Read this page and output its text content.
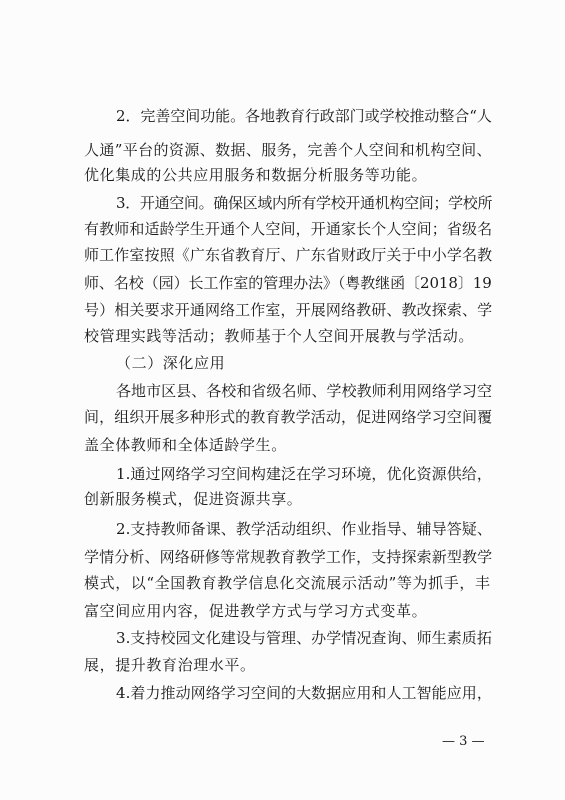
2．完善空间功能。各地教育行政部门或学校推动整合“人
人通”平台的资源、数据、服务，完善个人空间和机构空间、
优化集成的公共应用服务和数据分析服务等功能。
3．开通空间。确保区域内所有学校开通机构空间；学校所
有教师和适龄学生开通个人空间，开通家长个人空间；省级名
师工作室按照《广东省教育厅、广东省财政厅关于中小学名教
师、名校（园）长工作室的管理办法》（粤教继函〔2018〕19
号）相关要求开通网络工作室，开展网络教研、教改探索、学
校管理实践等活动；教师基于个人空间开展教与学活动。
（二）深化应用
各地市区县、各校和省级名师、学校教师利用网络学习空
间，组织开展多种形式的教育教学活动，促进网络学习空间覆
盖全体教师和全体适龄学生。
1.通过网络学习空间构建泛在学习环境，优化资源供给，
创新服务模式，促进资源共享。
2.支持教师备课、教学活动组织、作业指导、辅导答疑、
学情分析、网络研修等常规教育教学工作，支持探索新型教学
模式，以“全国教育教学信息化交流展示活动”等为抓手，丰
富空间应用内容，促进教学方式与学习方式变革。
3.支持校园文化建设与管理、办学情况查询、师生素质拓
展，提升教育治理水平。
4.着力推动网络学习空间的大数据应用和人工智能应用，
— 3 —
